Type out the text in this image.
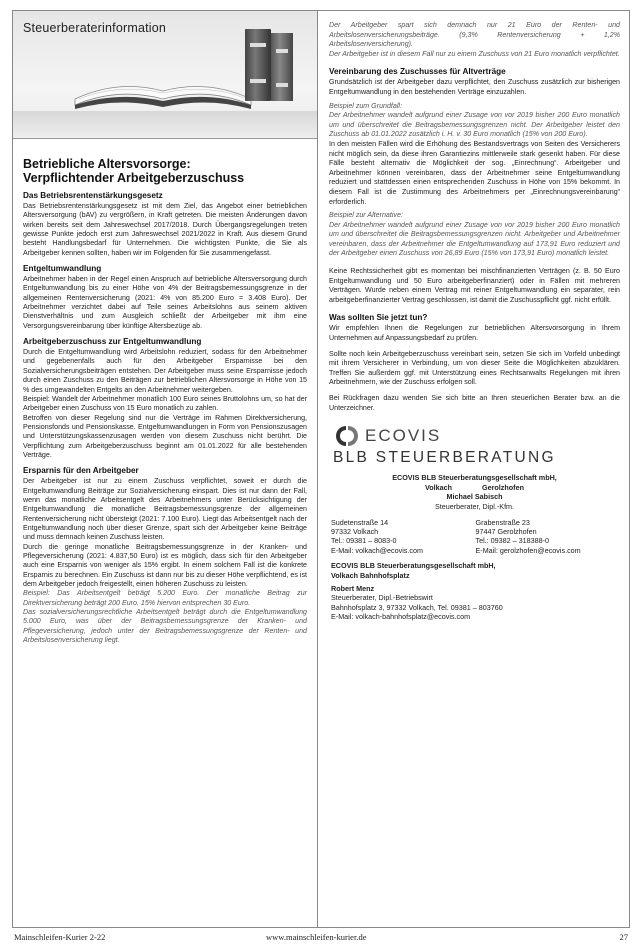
Steuerberaterinformation
Betriebliche Altersvorsorge:
Verpflichtender Arbeitgeberzuschuss
Das Betriebsrentenstärkungsgesetz

Das Betriebsrentenstärkungsgesetz ist mit dem Ziel, das Angebot einer betrieblichen Altersversorgung (bAV) zu vergrößern, in Kraft getreten. Die meisten Änderungen davon wirken bereits seit dem Jahreswechsel 2017/2018. Durch Übergangsregelungen treten gewisse Punkte jedoch erst zum Jahreswechsel 2021/2022 in Kraft. Aus diesem Grund besteht Handlungsbedarf für Unternehmen. Die wichtigsten Punkte, die Sie als Arbeitgeber kennen sollten, haben wir im Folgenden für Sie zusammengefasst.

Entgeltumwandlung

Arbeitnehmer haben in der Regel einen Anspruch auf betriebliche Altersversorgung durch Entgeltumwandlung bis zu einer Höhe von 4% der Beitragsbemessungsgrenze in der allgemeinen Rentenversicherung (2021: 4% von 85.200 Euro = 3.408 Euro). Der Arbeitnehmer verzichtet dabei auf Teile seines Arbeitslohns aus seinem aktiven Dienstverhältnis und zum Ausgleich schließt der Arbeitgeber mit ihm eine Versorgungsvereinbarung über künftige Altersbezüge ab.

Arbeitgeberzuschuss zur Entgeltumwandlung

Durch die Entgeltumwandlung wird Arbeitslohn reduziert, sodass für den Arbeitnehmer und gegebenenfalls auch für den Arbeitgeber Ersparnisse bei den Sozialversicherungsbeiträgen entstehen. Der Arbeitgeber muss seine Ersparnisse jedoch durch einen Zuschuss zu den Beiträgen zur betrieblichen Altersvorsorge in Höhe von 15 % des umgewandelten Entgelts an den Arbeitnehmer weitergeben.

Beispiel: Wandelt der Arbeitnehmer monatlich 100 Euro seines Bruttolohns um, so hat der Arbeitgeber einen Zuschuss von 15 Euro monatlich zu zahlen.

Betroffen von dieser Regelung sind nur die Verträge im Rahmen Direktversicherung, Pensionsfonds und Pensionskasse. Entgeltumwandlungen in Form von Pensionszusagen und Unterstützungskassenzusagen werden von diesem Zuschuss nicht berührt. Die Verpflichtung zum Arbeitgeberzuschuss beginnt am 01.01.2022 für alle bestehenden Verträge.

Ersparnis für den Arbeitgeber

Der Arbeitgeber ist nur zu einem Zuschuss verpflichtet, soweit er durch die Entgeltumwandlung Beiträge zur Sozialversicherung einspart. Dies ist nur dann der Fall, wenn das monatliche Arbeitsentgelt des Arbeitnehmers unter Berücksichtigung der Entgeltumwandlung die monatliche Beitragsbemessungsgrenze der allgemeinen Rentenversicherung nicht übersteigt (2021: 7.100 Euro). Liegt das Arbeitsentgelt nach der Entgeltumwandlung noch über dieser Grenze, spart sich der Arbeitgeber keine Beiträge und muss demnach keinen Zuschuss leisten.

Durch die geringe monatliche Beitragsbemessungsgrenze in der Kranken- und Pflegeversicherung (2021: 4.837,50 Euro) ist es möglich, dass sich für den Arbeitgeber auch eine Ersparnis von weniger als 15% ergibt. In einem solchem Fall ist die konkrete Ersparnis zu berechnen. Ein Zuschuss ist dann nur bis zu dieser Höhe verpflichtend, es ist dem Arbeitgeber jedoch freigestellt, einen höheren Zuschuss zu leisten.

Beispiel: Das Arbeitsentgelt beträgt 5.200 Euro. Der monatliche Beitrag zur Direktversicherung beträgt 200 Euro. 15% hiervon entsprechen 30 Euro.

Das sozialversicherungsrechtliche Arbeitsentgelt beträgt durch die Entgeltumwandlung 5.000 Euro, was über der Beitragsbemessungsgrenze der Kranken- und Pflegeversicherung, jedoch unter der Beitragsbemessungsgrenze der Renten- und Arbeitslosenversicherung liegt.

Der Arbeitgeber spart sich demnach nur 21 Euro der Renten- und Arbeitslosenversicherungsbeiträge. (9,3% Rentenversicherung + 1,2% Arbeitslosenversicherung).

Der Arbeitgeber ist in diesem Fall nur zu einem Zuschuss von 21 Euro monatlich verpflichtet.

Vereinbarung des Zuschusses für Altverträge

Grundsätzlich ist der Arbeitgeber dazu verpflichtet, den Zuschuss zusätzlich zur bisherigen Entgeltumwandlung in den bestehenden Verträge einzuzahlen.

Beispiel zum Grundfall:

Der Arbeitnehmer wandelt aufgrund einer Zusage von vor 2019 bisher 200 Euro monatlich um und überschreitet die Beitragsbemessungsgrenzen nicht. Der Arbeitgeber leistet den Zuschuss ab 01.01.2022 zusätzlich i. H. v. 30 Euro monatlich (15% von 200 Euro).

In den meisten Fällen wird die Erhöhung des Bestandsvertrags von Seiten des Versicherers nicht möglich sein, da diese ihren Garantiezins mittlerweile stark gesenkt haben. Für diese Fälle besteht alternativ die Möglichkeit der sog. „Einrechnung“. Arbeitgeber und Arbeitnehmer können vereinbaren, dass der Arbeitnehmer seine Entgeltumwandlung reduziert und stattdessen einen entsprechenden Zuschuss in Höhe von 15% bekommt. In diesem Fall ist die Zustimmung des Arbeitnehmers per „Einrechnungsvereinbarung“ erforderlich.

Beispiel zur Alternative:

Der Arbeitnehmer wandelt aufgrund einer Zusage von vor 2019 bisher 200 Euro monatlich um und überschreitet die Beitragsbemessungsgrenzen nicht. Arbeitgeber und Arbeitnehmer vereinbaren, dass der Arbeitnehmer die Entgeltumwandlung auf 173,91 Euro reduziert und der Arbeitgeber einen Zuschuss von 26,89 Euro (15% von 173,91 Euro) monatlich leistet.

Keine Rechtssicherheit gibt es momentan bei mischfinanzierten Verträgen (z. B. 50 Euro Entgeltumwandlung und 50 Euro arbeitgeberfinanziert) oder in Fällen mit mehreren Verträgen. Wurde neben einem Vertrag mit reiner Entgeltumwandlung ein separater, rein arbeitgeberfinanzierter Vertrag geschlossen, ist damit die Zuschusspflicht ggf. nicht erfüllt.

Was sollten Sie jetzt tun?

Wir empfehlen Ihnen die Regelungen zur betrieblichen Altersvorsorgung in Ihrem Unternehmen auf Anpassungsbedarf zu prüfen.

Sollte noch kein Arbeitgeberzuschuss vereinbart sein, setzen Sie sich im Vorfeld unbedingt mit ihrem Versicherer in Verbindung, um von dieser Seite die Möglichkeiten abzuklären. Treffen Sie außerdem ggf. mit Unterstützung eines Rechtsanwalts Regelungen mit ihren Arbeitnehmern, wie der Zuschuss erfolgen soll.

Bei Rückfragen dazu wenden Sie sich bitte an Ihren steuerlichen Berater bzw. an die Unterzeichner.

ECOVIS
BLB STEUERBERATUNG
ECOVIS BLB Steuerberatungsgesellschaft mbH,
Volkach	Gerolzhofen
Michael Sabisch
Steuerberater, Dipl.-Kfm.
Sudetenstraße 14
97332 Volkach
Tel.: 09381 – 8083-0
E-Mail: volkach@ecovis.com
Grabenstraße 23
97447 Gerolzhofen
Tel.: 09382 – 318388-0
E-Mail: gerolzhofen@ecovis.com
ECOVIS BLB Steuerberatungsgesellschaft mbH,
Volkach Bahnhofsplatz
Robert Menz
Steuerberater, Dipl.-Betriebswirt
Bahnhofsplatz 3, 97332 Volkach, Tel. 09381 – 803760
E-Mail: volkach-bahnhofsplatz@ecovis.com
Mainschleifen-Kurier 2-22	www.mainschleifen-kurier.de	27
